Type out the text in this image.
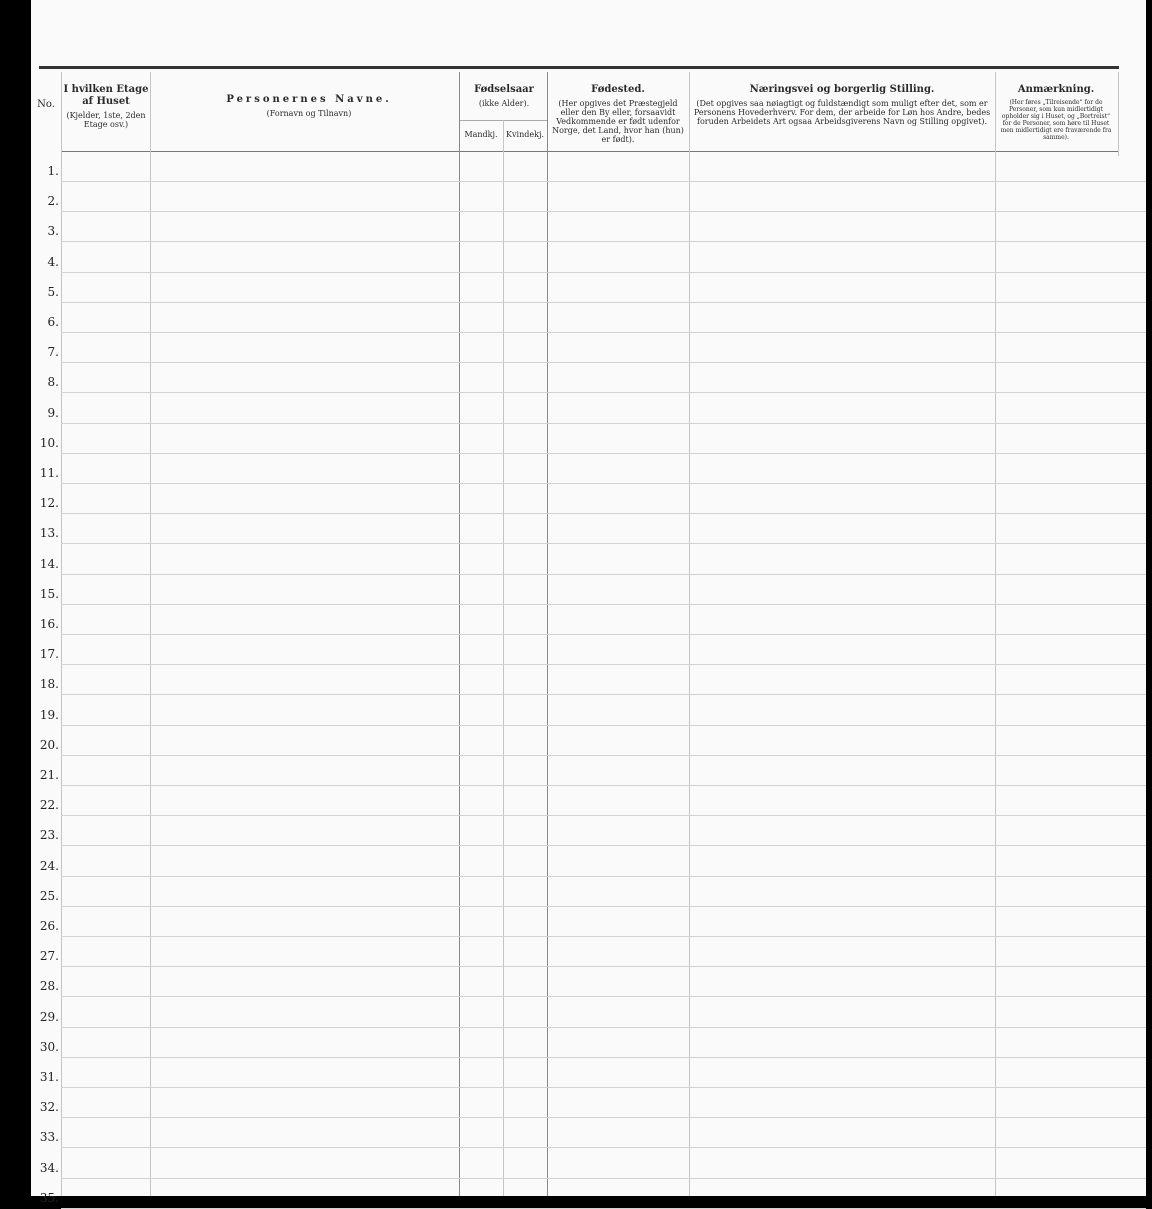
No.
I hvilken Etage af Huset
(Kjelder, 1ste, 2den Etage osv.)
Personernes Navne.
(Fornavn og Tilnavn)
Fødselsaar
(ikke Alder).
Mandkj.	Kvindekj.
Fødested.
(Her opgives det Præstegjeld eller den By eller, forsaavidt Vedkommende er født udenfor Norge, det Land, hvor han (hun) er født).
Næringsvei og borgerlig Stilling.
(Det opgives saa nøiagtigt og fuldstændigt som muligt efter det, som er Personens Hovederhverv. For dem, der arbeide for Løn hos Andre, bedes foruden Arbeidets Art ogsaa Arbeidsgiverens Navn og Stilling opgivet).
Anmærkning.
(Her føres „Tilreisende“ for de Personer, som kun midlertidigt opholder sig i Huset, og „Bortreist“ for de Personer, som høre til Huset men midlertidigt ere fraværende fra samme).
1.
2.
3.
4.
5.
6.
7.
8.
9.
10.
11.
12.
13.
14.
15.
16.
17.
18.
19.
20.
21.
22.
23.
24.
25.
26.
27.
28.
29.
30.
31.
32.
33.
34.
35.
